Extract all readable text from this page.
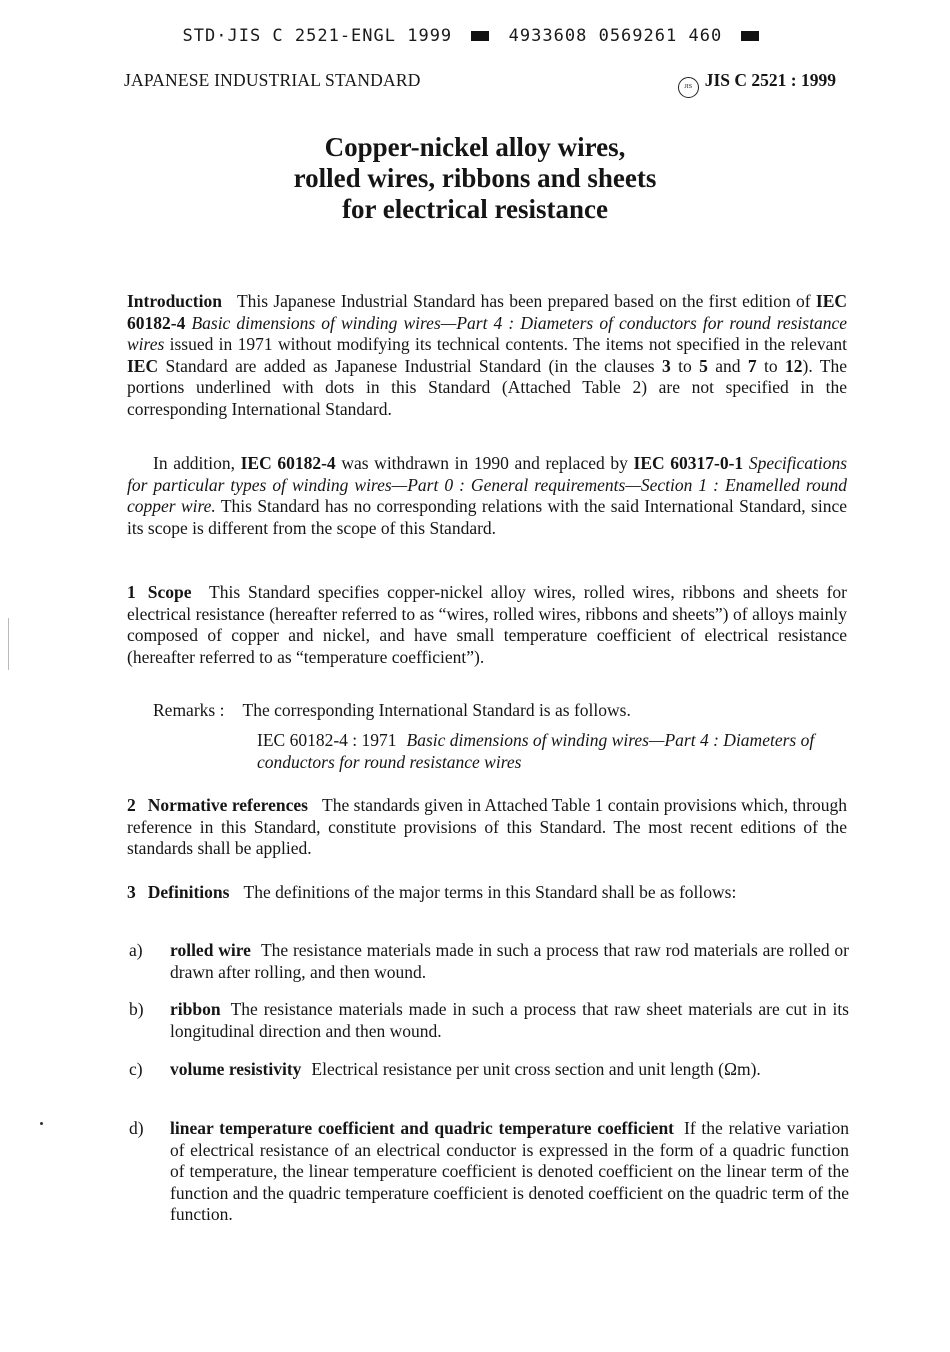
STD·JIS C 2521-ENGL 1999	4933608 0569261 460
JAPANESE INDUSTRIAL STANDARD	JIS JIS C 2521 : 1999
Copper-nickel alloy wires,
rolled wires, ribbons and sheets
for electrical resistance
Introduction This Japanese Industrial Standard has been prepared based on the first edition of IEC 60182-4 Basic dimensions of winding wires—Part 4 : Diameters of conductors for round resistance wires issued in 1971 without modifying its technical contents. The items not specified in the relevant IEC Standard are added as Japanese Industrial Standard (in the clauses 3 to 5 and 7 to 12). The portions underlined with dots in this Standard (Attached Table 2) are not specified in the corresponding International Standard.
In addition, IEC 60182-4 was withdrawn in 1990 and replaced by IEC 60317-0-1 Specifications for particular types of winding wires—Part 0 : General requirements—Section 1 : Enamelled round copper wire. This Standard has no corresponding relations with the said International Standard, since its scope is different from the scope of this Standard.
1 Scope This Standard specifies copper-nickel alloy wires, rolled wires, ribbons and sheets for electrical resistance (hereafter referred to as “wires, rolled wires, ribbons and sheets”) of alloys mainly composed of copper and nickel, and have small temperature coefficient of electrical resistance (hereafter referred to as “temperature coefficient”).
Remarks : The corresponding International Standard is as follows.
IEC 60182-4 : 1971 Basic dimensions of winding wires—Part 4 : Diameters of conductors for round resistance wires
2 Normative references The standards given in Attached Table 1 contain provisions which, through reference in this Standard, constitute provisions of this Standard. The most recent editions of the standards shall be applied.
3 Definitions The definitions of the major terms in this Standard shall be as follows:
a) rolled wire The resistance materials made in such a process that raw rod materials are rolled or drawn after rolling, and then wound.
b) ribbon The resistance materials made in such a process that raw sheet materials are cut in its longitudinal direction and then wound.
c) volume resistivity Electrical resistance per unit cross section and unit length (Ωm).
d) linear temperature coefficient and quadric temperature coefficient If the relative variation of electrical resistance of an electrical conductor is expressed in the form of a quadric function of temperature, the linear temperature coefficient is denoted coefficient on the linear term of the function and the quadric temperature coefficient is denoted coefficient on the quadric term of the function.
